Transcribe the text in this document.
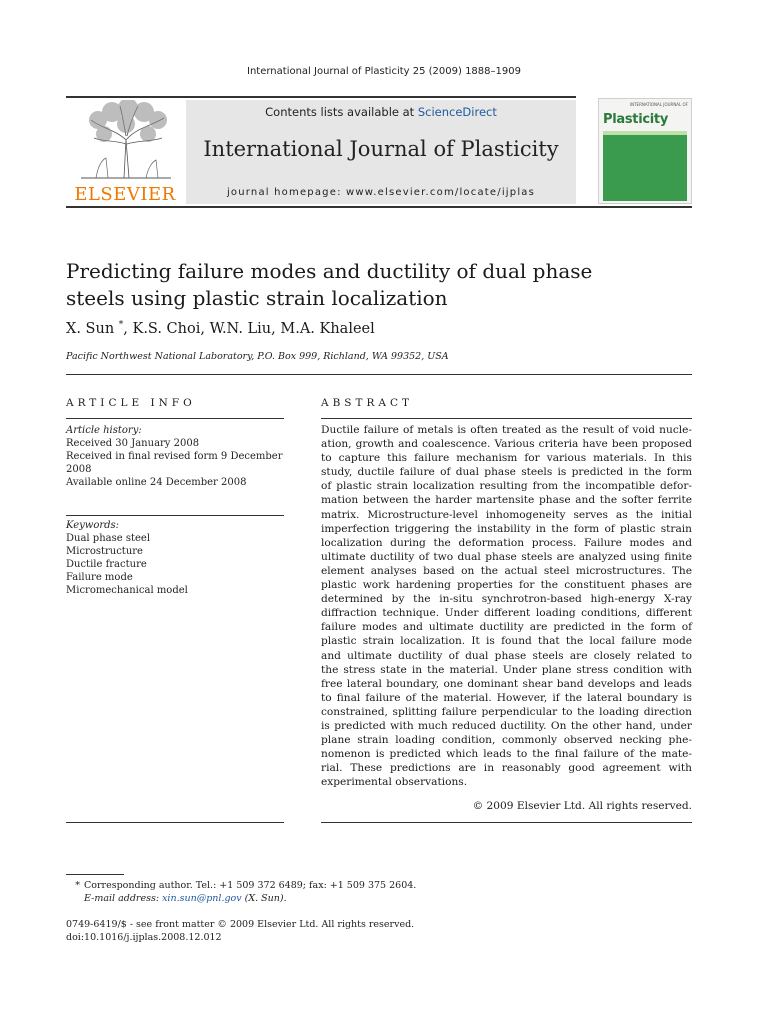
International Journal of Plasticity 25 (2009) 1888–1909
ELSEVIER
Contents lists available at ScienceDirect
International Journal of Plasticity
journal homepage: www.elsevier.com/locate/ijplas
INTERNATIONAL JOURNAL OF
Plasticity
Predicting failure modes and ductility of dual phase
steels using plastic strain localization
X. Sun *, K.S. Choi, W.N. Liu, M.A. Khaleel
Pacific Northwest National Laboratory, P.O. Box 999, Richland, WA 99352, USA
ARTICLE INFO	ABSTRACT
Article history:
Received 30 January 2008
Received in final revised form 9 December
2008
Available online 24 December 2008
Keywords:
Dual phase steel
Microstructure
Ductile fracture
Failure mode
Micromechanical model
Ductile failure of metals is often treated as the result of void nucle-
ation, growth and coalescence. Various criteria have been proposed
to capture this failure mechanism for various materials. In this
study, ductile failure of dual phase steels is predicted in the form
of plastic strain localization resulting from the incompatible defor-
mation between the harder martensite phase and the softer ferrite
matrix. Microstructure-level inhomogeneity serves as the initial
imperfection triggering the instability in the form of plastic strain
localization during the deformation process. Failure modes and
ultimate ductility of two dual phase steels are analyzed using finite
element analyses based on the actual steel microstructures. The
plastic work hardening properties for the constituent phases are
determined by the in-situ synchrotron-based high-energy X-ray
diffraction technique. Under different loading conditions, different
failure modes and ultimate ductility are predicted in the form of
plastic strain localization. It is found that the local failure mode
and ultimate ductility of dual phase steels are closely related to
the stress state in the material. Under plane stress condition with
free lateral boundary, one dominant shear band develops and leads
to final failure of the material. However, if the lateral boundary is
constrained, splitting failure perpendicular to the loading direction
is predicted with much reduced ductility. On the other hand, under
plane strain loading condition, commonly observed necking phe-
nomenon is predicted which leads to the final failure of the mate-
rial. These predictions are in reasonably good agreement with
experimental observations.
© 2009 Elsevier Ltd. All rights reserved.
* Corresponding author. Tel.: +1 509 372 6489; fax: +1 509 375 2604.
E-mail address: xin.sun@pnl.gov (X. Sun).
0749-6419/$ - see front matter © 2009 Elsevier Ltd. All rights reserved.
doi:10.1016/j.ijplas.2008.12.012
